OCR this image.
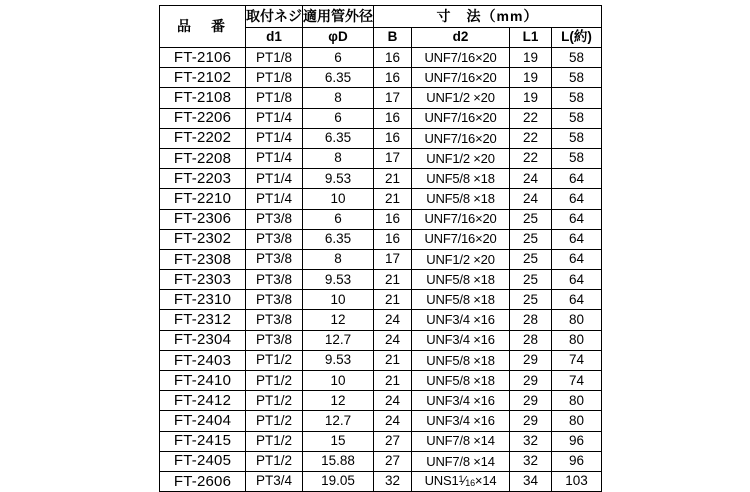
品　番	取付ネジ	適用管外径	寸　法（mm）			
	d1	φD	B	d2	L1	L(約)
FT-2106	PT1/8	6	16	UNF7/16×20	19	58
FT-2102	PT1/8	6.35	16	UNF7/16×20	19	58
FT-2108	PT1/8	8	17	UNF1/2 ×20	19	58
FT-2206	PT1/4	6	16	UNF7/16×20	22	58
FT-2202	PT1/4	6.35	16	UNF7/16×20	22	58
FT-2208	PT1/4	8	17	UNF1/2 ×20	22	58
FT-2203	PT1/4	9.53	21	UNF5/8 ×18	24	64
FT-2210	PT1/4	10	21	UNF5/8 ×18	24	64
FT-2306	PT3/8	6	16	UNF7/16×20	25	64
FT-2302	PT3/8	6.35	16	UNF7/16×20	25	64
FT-2308	PT3/8	8	17	UNF1/2 ×20	25	64
FT-2303	PT3/8	9.53	21	UNF5/8 ×18	25	64
FT-2310	PT3/8	10	21	UNF5/8 ×18	25	64
FT-2312	PT3/8	12	24	UNF3/4 ×16	28	80
FT-2304	PT3/8	12.7	24	UNF3/4 ×16	28	80
FT-2403	PT1/2	9.53	21	UNF5/8 ×18	29	74
FT-2410	PT1/2	10	21	UNF5/8 ×18	29	74
FT-2412	PT1/2	12	24	UNF3/4 ×16	29	80
FT-2404	PT1/2	12.7	24	UNF3/4 ×16	29	80
FT-2415	PT1/2	15	27	UNF7/8 ×14	32	96
FT-2405	PT1/2	15.88	27	UNF7/8 ×14	32	96
FT-2606	PT3/4	19.05	32	$UNS1^1⁄_{16}\times 14$	34	103
